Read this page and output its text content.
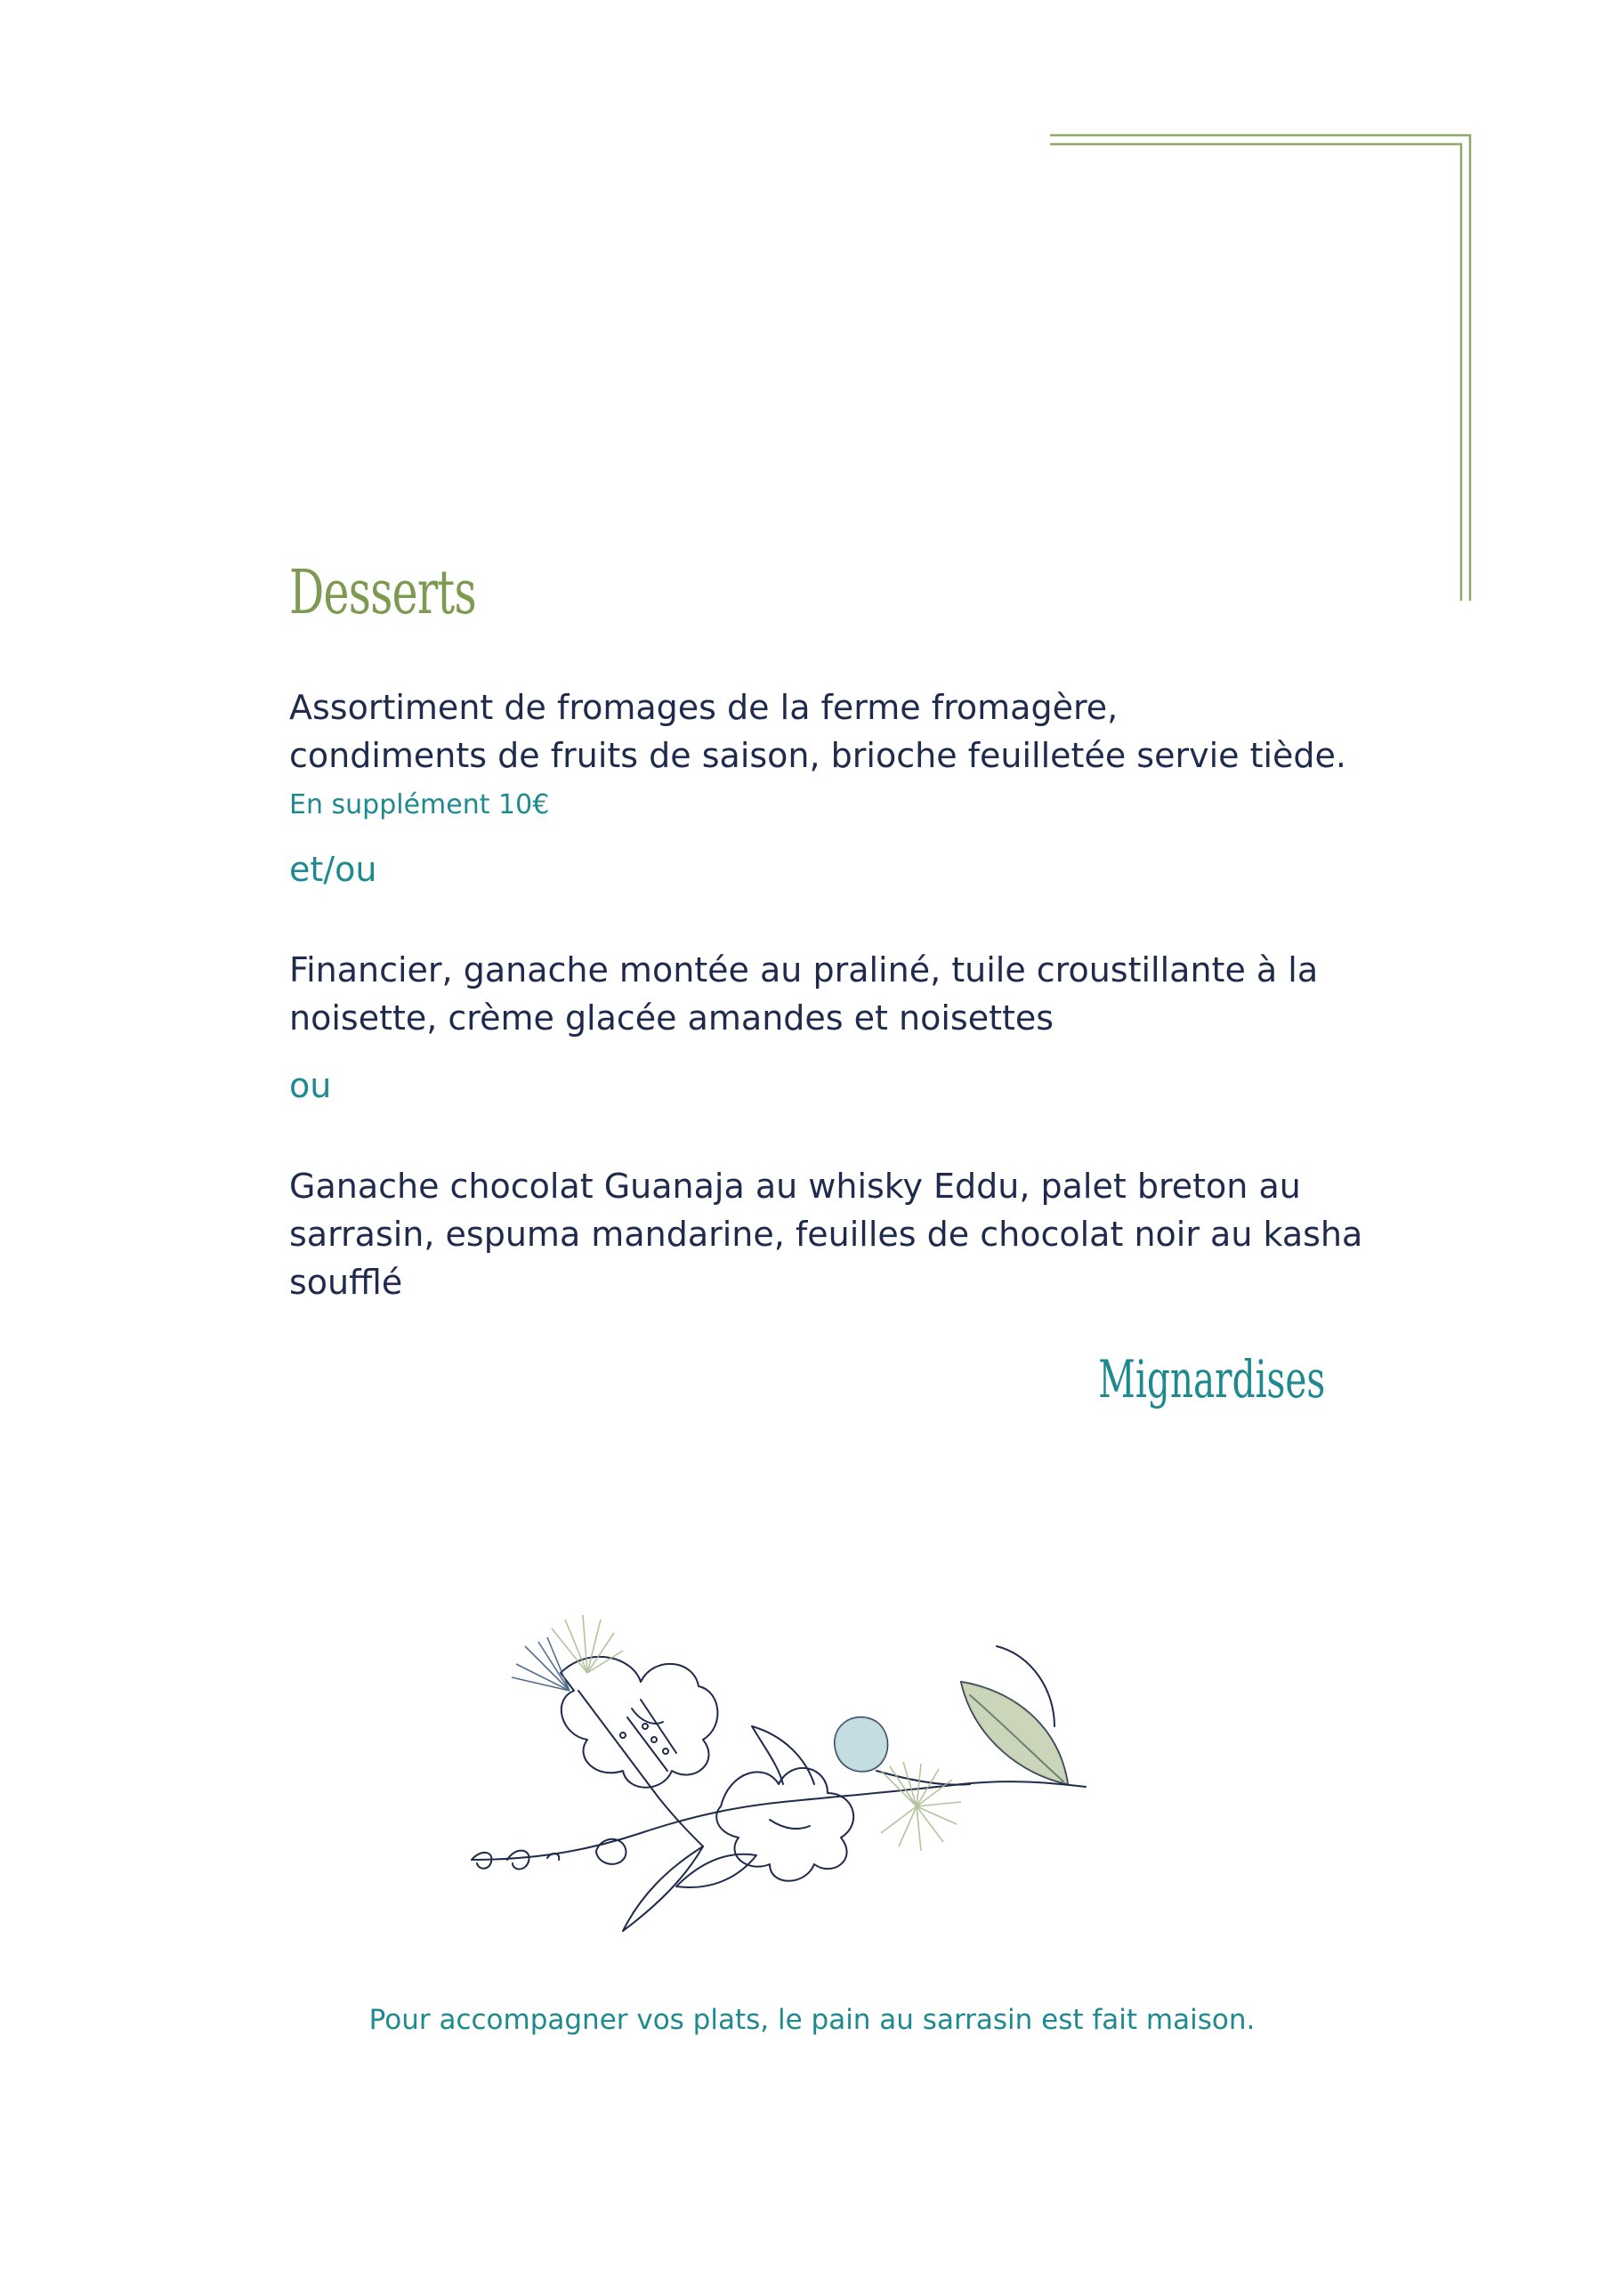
Desserts
Assortiment de fromages de la ferme fromagère,
condiments de fruits de saison, brioche feuilletée servie tiède.
En supplément 10€
et/ou
Financier, ganache montée au praliné, tuile croustillante à la
noisette, crème glacée amandes et noisettes
ou
Ganache chocolat Guanaja au whisky Eddu, palet breton au
sarrasin, espuma mandarine, feuilles de chocolat noir au kasha
soufflé
Mignardises
Pour accompagner vos plats, le pain au sarrasin est fait maison.
